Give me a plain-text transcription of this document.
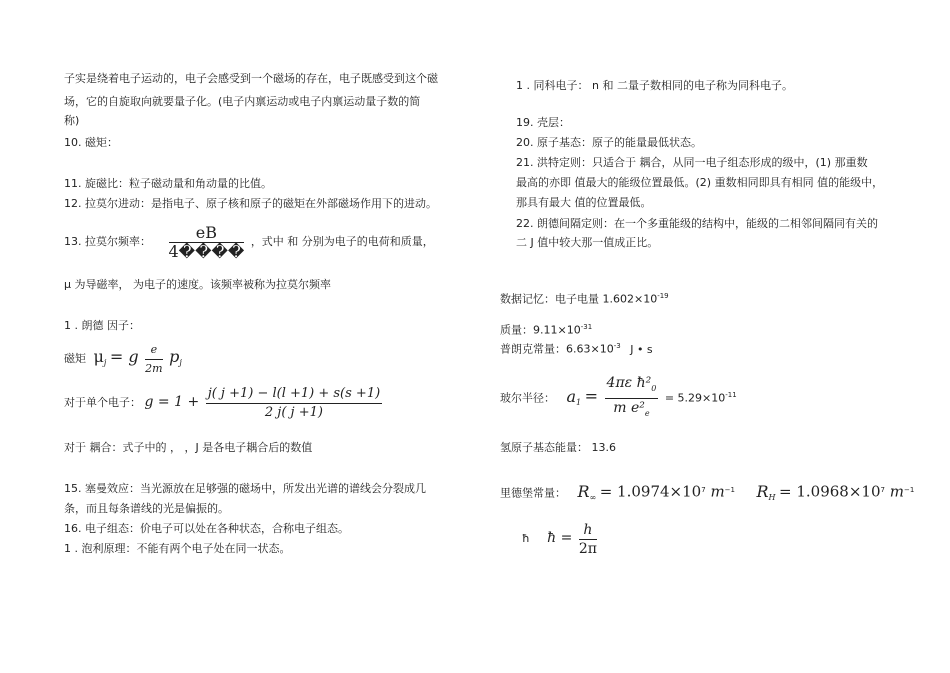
子实是绕着电子运动的，电子会感受到一个磁场的存在，电子既感受到这个磁
场，它的自旋取向就要量子化。(电子内禀运动或电子内禀运动量子数的简
称)
10. 磁矩：
11. 旋磁比：粒子磁动量和角动量的比值。
12. 拉莫尔进动：是指电子、原子核和原子的磁矩在外部磁场作用下的进动。
13. 拉莫尔频率： $\frac{eB}{4����}$ ，式中 和 分别为电子的电荷和质量，
μ 为导磁率， 为电子的速度。该频率被称为拉莫尔频率
1 . 朗德 因子：
磁矩 $\mu_j = g \frac{e}{2m} p_j$
对于单个电子： $g = 1 + \frac{j( j +1) - l(l +1) + s(s +1)}{2 j( j +1)}$
对于 耦合：式子中的 ， ，J 是各电子耦合后的数值
15. 塞曼效应：当光源放在足够强的磁场中，所发出光谱的谱线会分裂成几
条，而且每条谱线的光是偏振的。
16. 电子组态：价电子可以处在各种状态，合称电子组态。
1 . 泡利原理：不能有两个电子处在同一状态。
1 . 同科电子： n 和 二量子数相同的电子称为同科电子。
19. 壳层：
20. 原子基态：原子的能量最低状态。
21. 洪特定则：只适合于 耦合，从同一电子组态形成的级中，(1) 那重数
最高的亦即 值最大的能级位置最低。(2) 重数相同即具有相同 值的能级中，
那具有最大 值的位置最低。
22. 朗德间隔定则：在一个多重能级的结构中，能级的二相邻间隔同有关的
二 J 值中较大那一值成正比。
数据记忆：电子电量 $1.602\times 10^{-19}$
质量：$9.11\times 10^{-31}$
普朗克常量：$6.63\times 10^{-3}$ J • s
玻尔半径： $a_1 = \frac{4\pi\varepsilon ħ^2_0}{m e^2_e} = 5.29\times 10^{-11}$
氢原子基态能量： 13.6
里德堡常量： $R_\infty = 1.0974\times 10^7$ $m^{-1}$ $R_H = 1.0968\times 10^7$ $m^{-1}$
ħ ħ = $\frac{h}{2\pi}$
